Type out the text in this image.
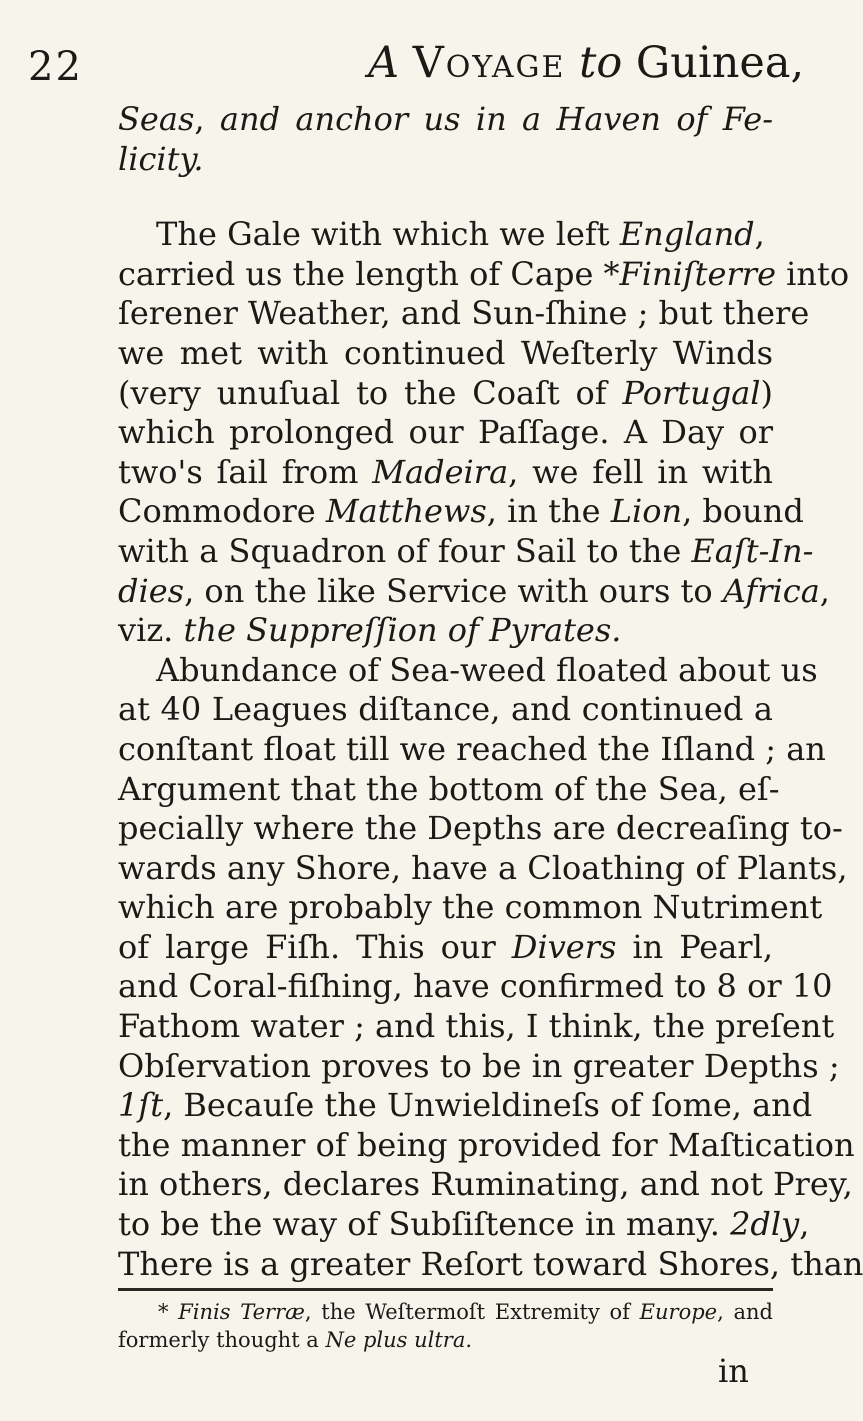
22	A Voyage to Guinea,
Seas, and anchor us in a Haven of Fe-
licity.
The Gale with which we left England,
carried us the length of Cape *Finiſterre into
ſerener Weather, and Sun-ſhine ; but there
we met with continued Weſterly Winds
(very unuſual to the Coaſt of Portugal)
which prolonged our Paſſage. A Day or
two's ſail from Madeira, we fell in with
Commodore Matthews, in the Lion, bound
with a Squadron of four Sail to the Eaſt-In-
dies, on the like Service with ours to Africa,
viz. the Suppreſſion of Pyrates.
Abundance of Sea-weed floated about us
at 40 Leagues diſtance, and continued a
conſtant float till we reached the Iſland ; an
Argument that the bottom of the Sea, eſ-
pecially where the Depths are decreaſing to-
wards any Shore, have a Cloathing of Plants,
which are probably the common Nutriment
of large Fiſh. This our Divers in Pearl,
and Coral-fiſhing, have confirmed to 8 or 10
Fathom water ; and this, I think, the preſent
Obſervation proves to be in greater Depths ;
1ſt, Becauſe the Unwieldineſs of ſome, and
the manner of being provided for Maſtication
in others, declares Ruminating, and not Prey,
to be the way of Subſiſtence in many. 2dly,
There is a greater Reſort toward Shores, than
* Finis Terræ, the Weſtermoſt Extremity of Europe, and
formerly thought a Ne plus ultra.
in
